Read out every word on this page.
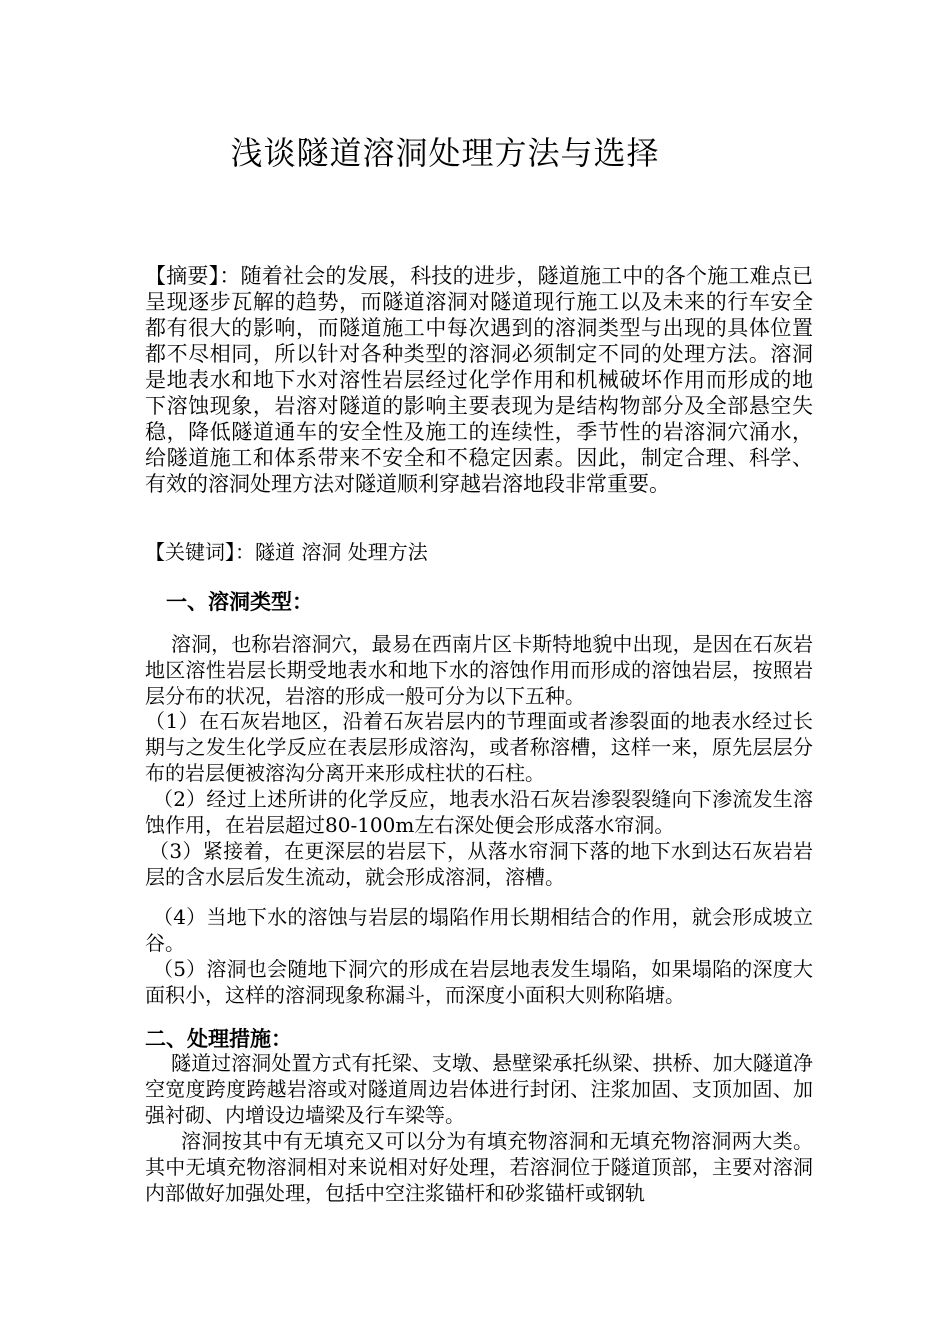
浅谈隧道溶洞处理方法与选择

【摘要】：随着社会的发展，科技的进步，隧道施工中的各个施工难点已呈现逐步瓦解的趋势，而隧道溶洞对隧道现行施工以及未来的行车安全都有很大的影响，而隧道施工中每次遇到的溶洞类型与出现的具体位置都不尽相同，所以针对各种类型的溶洞必须制定不同的处理方法。溶洞是地表水和地下水对溶性岩层经过化学作用和机械破坏作用而形成的地下溶蚀现象，岩溶对隧道的影响主要表现为是结构物部分及全部悬空失稳，降低隧道通车的安全性及施工的连续性，季节性的岩溶洞穴涌水，给隧道施工和体系带来不安全和不稳定因素。因此，制定合理、科学、有效的溶洞处理方法对隧道顺利穿越岩溶地段非常重要。

【关键词】：隧道 溶洞 处理方法
一、溶洞类型：

溶洞，也称岩溶洞穴，最易在西南片区卡斯特地貌中出现，是因在石灰岩地区溶性岩层长期受地表水和地下水的溶蚀作用而形成的溶蚀岩层，按照岩层分布的状况，岩溶的形成一般可分为以下五种。

（1）在石灰岩地区，沿着石灰岩层内的节理面或者渗裂面的地表水经过长期与之发生化学反应在表层形成溶沟，或者称溶槽，这样一来，原先层层分布的岩层便被溶沟分离开来形成柱状的石柱。

（2）经过上述所讲的化学反应，地表水沿石灰岩渗裂裂缝向下渗流发生溶蚀作用，在岩层超过80-100m左右深处便会形成落水帘洞。

（3）紧接着，在更深层的岩层下，从落水帘洞下落的地下水到达石灰岩岩层的含水层后发生流动，就会形成溶洞，溶槽。

（4）当地下水的溶蚀与岩层的塌陷作用长期相结合的作用，就会形成坡立谷。

（5）溶洞也会随地下洞穴的形成在岩层地表发生塌陷，如果塌陷的深度大面积小，这样的溶洞现象称漏斗，而深度小面积大则称陷塘。

二、处理措施：

隧道过溶洞处置方式有托梁、支墩、悬壁梁承托纵梁、拱桥、加大隧道净空宽度跨度跨越岩溶或对隧道周边岩体进行封闭、注浆加固、支顶加固、加强衬砌、内增设边墙梁及行车梁等。

溶洞按其中有无填充又可以分为有填充物溶洞和无填充物溶洞两大类。其中无填充物溶洞相对来说相对好处理，若溶洞位于隧道顶部，主要对溶洞内部做好加强处理，包括中空注浆锚杆和砂浆锚杆或钢轨
